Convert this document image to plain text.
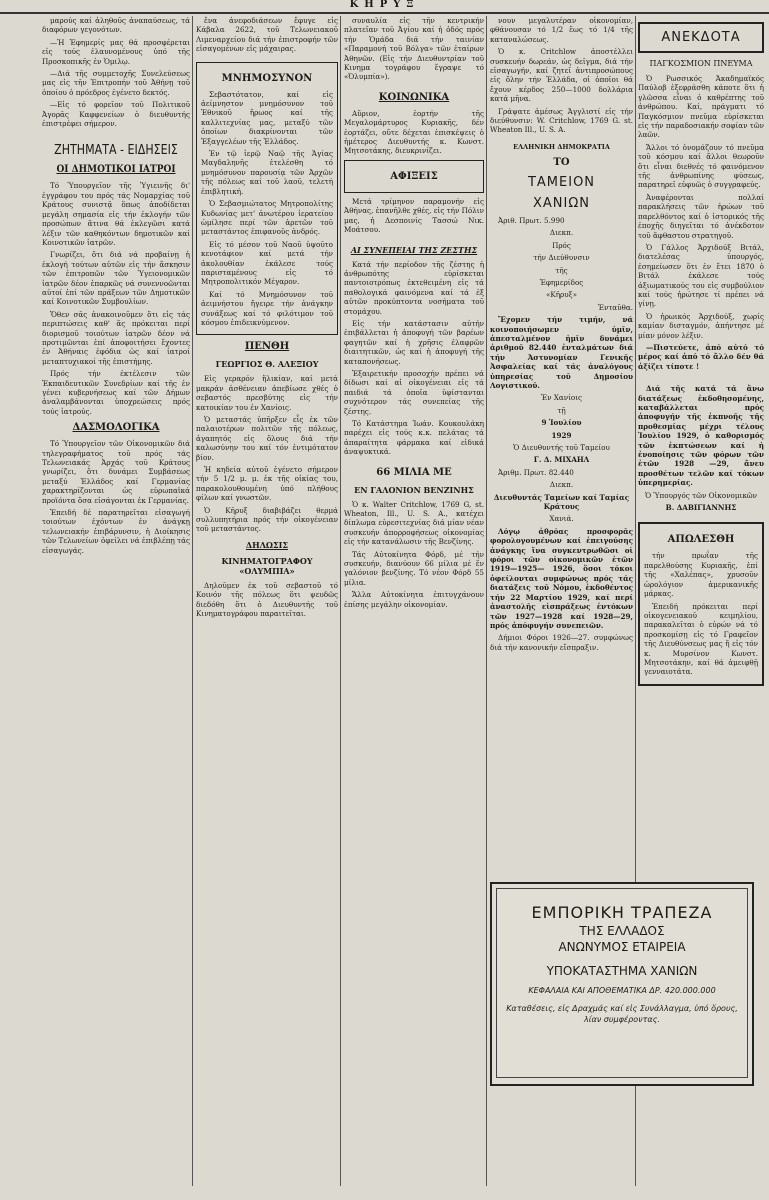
ΚΗΡΥΞ

μαρούς καί ἀληθοῦς ἀναπαύσεως, τά διαφόρων γεγονότων.

—Ἡ Ἐφημερίς μας θά προσφέρεται εἰς τούς ἐλαυνομένους ὑπό τῆς Προσκοπικῆς ἐν Ὁμιλῳ.

—Διά τῆς συμμετοχῆς Συνελεύσεως μας εἰς τῆν Ἐπιτροπήν τοῦ Ἀθήνῃ τοῦ ὁποίου ὁ πρόεδρος ἐγένετο δεκτός.

—Εἰς τό φορεῖον τοῦ Πολιτικοῦ Ἀγορᾶς Καφφενείων ὁ διευθυντής ἐπιστρέφει σήμερον.

ΖΗΤΗΜΑΤΑ - ΕΙΔΗΣΕΙΣ
ΟΙ ΔΗΜΟΤΙΚΟΙ ΙΑΤΡΟΙ

Τό Ὑπουργεῖον τῆς Ὑγιεινῆς δι' ἐγγράφου του πρός τάς Νομαρχίας τοῦ Κράτους συνιστᾷ ὅπως ἀποδίδεται μεγάλη σημασία εἰς τήν ἐκλογήν τῶν προσώπων ἅτινα θά ἐκλεγῶσι κατά λέξιν τῶν καθηκόντων δημοτικῶν καί Κοινοτικῶν ἰατρῶν.

Γνωρίζει, ὅτι διά νά προβαίνῃ ἡ ἐκλογή τούτων αὐτῶν εἰς τήν ἄσκησιν τῶν ἐπιτροπῶν τῶν Ὑγειονομικῶν ἰατρῶν δέον ἐπαρκῶς νά συνεννοῶνται αὐτοί ἐπί τῶν πράξεων τῶν Δημοτικῶν καί Κοινοτικῶν Συμβουλίων.

Ὅθεν σᾶς ἀνακοινοῦμεν ὅτι εἰς τάς περιπτώσεις καθ' ἅς πρόκειται περί διορισμοῦ τοιούτων ἰατρῶν δέον νά προτιμῶνται ἐπί ἀποφοιτήσει ἔχοντες ἐν Ἀθήναις ἐφόδια ὡς καί ἰατροί μεταπτυχιακοί τῆς ἐπιστήμης.

Πρός τήν ἐκτέλεσιν τῶν Ἐκπαιδευτικῶν Συνεδρίων καί τῆς ἐν γένει κυβερνήσεως καί τῶν Δήμων ἀναλαμβάνονται ὑποχρεώσεις πρός τούς ἰατρούς.

ΔΑΣΜΟΛΟΓΙΚΑ

Τό Ὑπουργεῖον τῶν Οἰκονομικῶν διά τηλεγραφήματος τοῦ πρός τάς Τελωνειακάς Ἀρχάς τοῦ Κράτους γνωρίζει, ὅτι δυνάμει Συμβάσεως μεταξύ Ἑλλάδος καί Γερμανίας χαρακτηρίζονται ὡς εὐρωπαϊκά προϊόντα ὅσα εἰσάγονται ἐκ Γερμανίας.

Ἐπειδή δέ παρατηρεῖται εἰσαγωγή τοιούτων ἐχόντων ἐν ἀνάγκῃ τελωνειακήν ἐπιβάρυνσιν, ἡ Διοίκησις τῶν Τελωνείων ὀφείλει νά ἐπιβλέπῃ τάς εἰσαγωγάς.

ἔνα ἀνεφοδιάσεων ἔφυγε εἰς Κάβαλα 2622, τοῦ Τελωνειακοῦ Λιμεναρχείου διά τήν ἐπιστροφήν τῶν εἰσαγομένων εἰς μάχαιρας.

ΜΝΗΜΟΣΥΝΟΝ

Σεβαστότατον, καί εἰς ἀείμνηστον μνημόσυνον τοῦ Ἐθνικοῦ ἥρωος καί τῆς καλλιτεχνίας μας, μεταξύ τῶν ὁποίων διακρίνονται τῶν Ἐξαγγελέων τῆς Ἑλλάδος.

Ἐν τῷ ἱερῷ Ναῷ τῆς Ἁγίας Μαγδαληνῆς ἐτελέσθη τό μνημόσυνον παρουσίᾳ τῶν Ἀρχῶν τῆς πόλεως καί τοῦ λαοῦ, τελετή ἐπιβλητική.

Ὁ Σεβασμιώτατος Μητροπολίτης Κυδωνίας μετ' ἀνωτέρου ἱερατείου ὡμίλησε περί τῶν ἀρετῶν τοῦ μεταστάντος ἐπιφανοῦς ἀνδρός.

Εἰς τό μέσον τοῦ Ναοῦ ὑψοῦτο κενοτάφιον καί μετά τήν ἀκολουθίαν ἐκάλεσε τούς παρισταμένους εἰς τό Μητροπολιτικόν Μέγαρον.

Καί τό Μνημόσυνον τοῦ ἀειμνήστου ἤγειρε τήν ἀνάγκην συνάξεως καί τό φιλότιμον τοῦ κόσμου ἐπιδεικνύμενον.

ΠΕΝΘΗ
ΓΕΩΡΓΙΟΣ Θ. ΑΛΕΞΙΟΥ

Εἰς γεραρόν ἥλικίαν, καί μετά μακράν ἀσθένειαν ἀπεβίωσε χθές ὁ σεβαστός πρεσβύτης εἰς τήν κατοικίαν του ἐν Χανίοις.

Ὁ μεταστάς ὑπῆρξεν εἷς ἐκ τῶν παλαιοτέρων πολιτῶν τῆς πόλεως, ἀγαπητός εἰς ὅλους διά τήν καλωσύνην του καί τόν ἐντιμότατον βίον.

Ἡ κηδεία αὐτοῦ ἐγένετο σήμερον τήν 5 1/2 μ. μ. ἐκ τῆς οἰκίας του, παρακολουθουμένη ὑπό πλήθους φίλων καί γνωστῶν.

Ὁ Κῆρυξ διαβιβάζει θερμά συλλυπητήρια πρός τήν οἰκογένειαν τοῦ μεταστάντος.

ΔΗΛΩΣΙΣ
ΚΙΝΗΜΑΤΟΓΡΑΦΟΥ «ΟΛΥΜΠΙΑ»

Δηλοῦμεν ἐκ τοῦ σεβαστοῦ τό Κοινόν τῆς πόλεως ὅτι ψευδῶς διεδόθη ὅτι ὁ Διευθυντής τοῦ Κινηματογράφου παραιτεῖται.

συναυλία εἰς τῆν κεντρικήν πλατεῖαν τοῦ Ἀγίου καί ἡ ὁδός πρός τήν Ὁμάδα διά τήν ταινίαν «Παραμονή τοῦ Βόλγα» τῶν ἑταίρων Ἀθηνῶν. (Εἰς τήν Διευθυντρίαν τοῦ Κινημα τογράφου ἔγραψε τό «Ὀλυμπία»).

ΚΟΙΝΩΝΙΚΑ

Αὔριον, ἑορτήν τῆς Μεγαλομάρτυρος Κυριακῆς, δέν ἑορτάζει, οὔτε δέχεται ἐπισκέψεις ὁ ἡμέτερος Διευθυντής κ. Κωνστ. Μητσοτάκης, διευκρινίζει.

ΑΦΙΞΕΙΣ

Μετά τρίμηνον παραμονήν εἰς Ἀθήνας, ἐπανῆλθε χθές, εἰς τήν Πόλιν μας, ἡ Δεσποινίς Τασσώ Νικ. Μοάτσου.

ΑΙ ΣΥΝΕΠΕΙΑΙ ΤΗΣ ΖΕΣΤΗΣ

Κατά τήν περίοδον τῆς ζέστης ἡ ἀνθρωπότης εὑρίσκεται παντοιοτρόπως ἐκτεθειμένη εἰς τά παθολογικά φαινόμενα καί τά ἐξ αὐτῶν προκύπτοντα νοσήματα τοῦ στομάχου.

Εἰς τήν κατάστασιν αὐτήν ἐπιβάλλεται ἡ ἀποφυγή τῶν βαρέων φαγητῶν καί ἡ χρῆσις ἐλαφρῶν διαιτητικῶν, ὡς καί ἡ ἀποφυγή τῆς καταπονήσεως.

Ἐξαιρετικήν προσοχήν πρέπει νά δίδωσι καί αἱ οἰκογένειαι εἰς τά παιδιά τά ὁποῖα ὑφίστανται συχνότερον τάς συνεπείας τῆς ζέστης.

Τό Κατάστημα Ἰωάν. Κουκουλάκη παρέχει εἰς τούς κ.κ. πελάτας τά ἀπαραίτητα φάρμακα καί εἰδικά ἀναψυκτικά.

66 ΜΙΛΙΑ ΜΕ
ΕΝ ΓΑΛΟΝΙΟΝ ΒΕΝΖΙΝΗΣ

Ὁ κ. Walter Critchlow, 1769 G, st. Wheaton, Ill., U. S. A., κατέχει δίπλωμα εὑρεσιτεχνίας διά μίαν νέαν συσκευήν ἀπορροφήσεως οἰκονομίας εἰς τήν κατανάλωσιν τῆς Βενζίνης.

Τάς Αὐτοκίνητα Φόρδ, μέ τήν συσκευήν, διανύουν 66 μίλια μέ ἕν γαλόνιον βενζίνης. Τό νέον Φόρδ 55 μίλια.

Ἄλλα Αὐτοκίνητα ἐπιτυγχάνουν ἐπίσης μεγάλην οἰκονομίαν.

νουν μεγαλυτέραν οἰκονομίαν, φθάνουσαν τό 1/2 ἕως τό 1/4 τῆς καταναλώσεως.

Ὁ κ. Critchlow ἀποστέλλει συσκευήν δωρεάν, ὡς δεῖγμα, διά τήν εἰσαγωγήν, καί ζητεῖ ἀντιπροσώπους εἰς ὅλην τήν Ἑλλάδα, οἱ ὁποῖοι θά ἔχουν κέρδος 250—1000 δολλάρια κατά μῆνα.

Γράψατε ἀμέσως Ἀγγλιστί εἰς τήν διεύθυνσιν: W. Critchlow, 1769 G. st. Wheaton Ill., U. S. A.

ΕΛΛΗΝΙΚΗ ΔΗΜΟΚΡΑΤΙΑ
ΤΟ
ΤΑΜΕΙΟΝ
ΧΑΝΙΩΝ

Ἀριθ. Πρωτ. 5.990

Διεκπ.

Πρός

τήν Διεύθυνσιν

τῆς

Ἐφημερίδος

«Κῆρυξ»

Ἐνταῦθα.

Ἔχομεν τήν τιμήν, νά κοινοποιήσωμεν ὑμῖν, ἀπεσταλμένον ἡμῖν δυνάμει ἀριθμοῦ 82.440 ἐνταλμάτων διά τήν Ἀστυνομίαν Γενικῆς Ἀσφαλείας καί τάς ἀναλόγους ὑπηρεσίας τοῦ Δημοσίου Λογιστικοῦ.

Ἐν Χανίοις

τῇ

9 Ἰουλίου

1929

Ὁ Διευθυντής τοῦ Ταμείου

Γ. Δ. ΜΙΧΑΗΛ

Ἀριθμ. Πρωτ. 82.440

Διεκπ.

Διευθυντάς Ταμείων καί Ταμίας Κράτους

Χανιά.

Λόγῳ ἀθρόας προσφορᾶς φορολογουμένων καί ἐπειγούσης ἀνάγκης ἵνα συγκεντρωθῶσι οἱ φόροι τῶν οἰκονομικῶν ἐτῶν 1919—1925— 1926, ὅσοι τόκοι ὀφείλονται συμφώνως πρός τάς διατάξεις τοῦ Νόμου, ἐκδοθέντος τήν 22 Μαρτίου 1929, καί περί ἀναστολῆς εἰσπράξεως ἐντόκων τῶν 1927—1928 καί 1928—29, πρός ἀπόφυγήν συνεπειῶν.

Δήμιοι Φόροι 1926—27. συμφώνως διά τήν κανονικήν εἴσπραξιν.

ΑΝΕΚΔΟΤΑ
ΠΑΓΚΟΣΜΙΟΝ ΠΝΕΥΜΑ

Ὁ Ρωσσικός Ἀκαδημαϊκός Παύλοβ ἐξεφράσθη κάποτε ὅτι ἡ γλῶσσα εἶναι ὁ καθρέπτης τοῦ ἀνθρώπου. Καί, πράγματι τό Παγκόσμιον πνεῦμα εὑρίσκεται εἰς τήν παραδοσιακήν σοφίαν τῶν λαῶν.

Ἄλλοι τό ὀνομάζουν τό πνεῦμα τοῦ κόσμου καί ἄλλοι θεωροῦν ὅτι εἶναι διεθνές τό φαινόμενον τῆς ἀνθρωπίνης φύσεως, παρατηρεῖ εὐφυῶς ὁ συγγραφεύς.

Ἀναφέρονται πολλαί παρακλήσεις τῶν ἡρώων τοῦ παρελθόντος καί ὁ ἱστορικός τῆς ἐποχῆς διηγεῖται τό ἀνέκδοτον τοῦ ἄφθαστου στρατηγοῦ.

Ὁ Γάλλος Ἀρχιδούξ Βιτάλ, διατελέσας ὑπουργός, ἐσημείωσεν ὅτι ἐν ἔτει 1870 ὁ Βιτάλ ἐκάλεσε τούς ἀξιωματικούς του εἰς συμβούλιον καί τούς ἠρώτησε τί πρέπει νά γίνῃ.

Ὁ ἡρωικός Ἀρχιδούξ, χωρίς καμίαν δισταγμόν, ἀπήντησε μέ μίαν μόνον λέξιν.

—Πιστεύετε, ἀπό αὐτό τό μέρος καί ἀπό τό ἄλλο δέν θά ἀξίζει τίποτε !

Διά τῆς κατά τά ἄνω διατάξεως ἐκδοθησομένης, καταβάλλεται πρός ἀποφυγήν τῆς ἐκπνοῆς τῆς προθεσμίας μέχρι τέλους Ἰουλίου 1929, ὁ καθορισμός τῶν ἐκπτώσεων καί ἡ ἐνοποίησις τῶν φόρων τῶν ἐτῶν 1928 —29, ἄνευ προσθέτων τελῶν καί τόκων ὑπερημερίας.

Ὁ Ὑπουργός τῶν Οἰκονομικῶν

Β. ΔΑΒΙΓΙΑΝΝΗΣ

ΑΠΩΛΕΣΘΗ

τήν πρωΐαν τῆς παρελθούσης Κυριακῆς, ἐπί τῆς «Χαλέπας», χρυσοῦν ὡρολόγιον ἀμερικανικῆς μάρκας.

Ἐπειδή πρόκειται περί οἰκογενειακοῦ κειμηλίου, παρακαλεῖται ὁ εὑρών νά τό προσκομίσῃ εἰς τό Γραφεῖον τῆς Διευθύνσεως μας ἤ εἰς τόν κ. Μυρσίνον Κωνστ. Μητσοτάκην, καί θά ἀμειφθῇ γενναιοτάτα.

ΕΜΠΟΡΙΚΗ ΤΡΑΠΕΖΑ
ΤΗΣ ΕΛΛΑΔΟΣ
ΑΝΩΝΥΜΟΣ ΕΤΑΙΡΕΙΑ
ΥΠΟΚΑΤΑΣΤΗΜΑ ΧΑΝΙΩΝ
ΚΕΦΑΛΑΙΑ ΚΑΙ ΑΠΟΘΕΜΑΤΙΚΑ ΔΡ. 420.000.000
Καταθέσεις, εἰς Δραχμάς καί εἰς Συνάλλαγμα, ὑπό ὅρους, λίαν συμφέροντας.
